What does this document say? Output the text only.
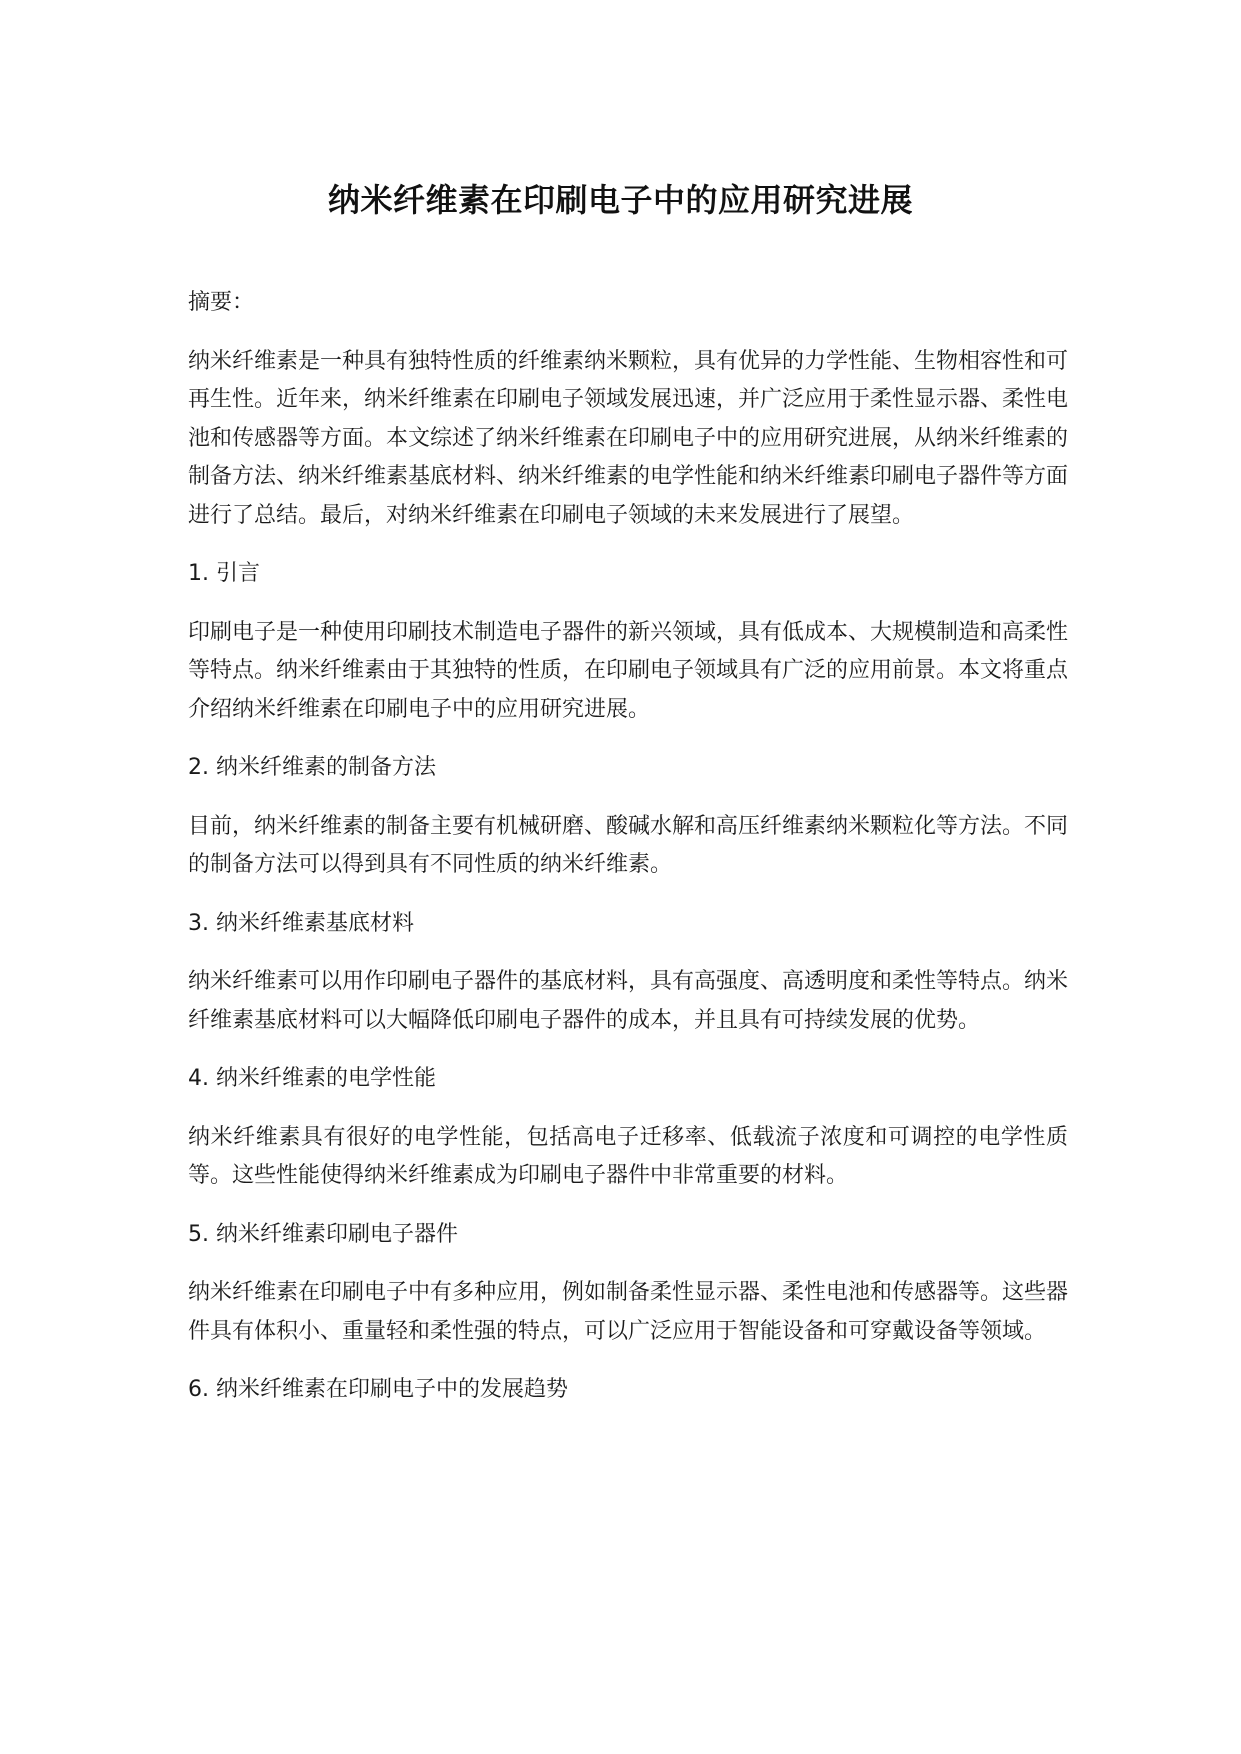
纳米纤维素在印刷电子中的应用研究进展

摘要：

纳米纤维素是一种具有独特性质的纤维素纳米颗粒，具有优异的力学性能、生物相容性和可再生性。近年来，纳米纤维素在印刷电子领域发展迅速，并广泛应用于柔性显示器、柔性电池和传感器等方面。本文综述了纳米纤维素在印刷电子中的应用研究进展，从纳米纤维素的制备方法、纳米纤维素基底材料、纳米纤维素的电学性能和纳米纤维素印刷电子器件等方面进行了总结。最后，对纳米纤维素在印刷电子领域的未来发展进行了展望。

1. 引言

印刷电子是一种使用印刷技术制造电子器件的新兴领域，具有低成本、大规模制造和高柔性等特点。纳米纤维素由于其独特的性质，在印刷电子领域具有广泛的应用前景。本文将重点介绍纳米纤维素在印刷电子中的应用研究进展。

2. 纳米纤维素的制备方法

目前，纳米纤维素的制备主要有机械研磨、酸碱水解和高压纤维素纳米颗粒化等方法。不同的制备方法可以得到具有不同性质的纳米纤维素。

3. 纳米纤维素基底材料

纳米纤维素可以用作印刷电子器件的基底材料，具有高强度、高透明度和柔性等特点。纳米纤维素基底材料可以大幅降低印刷电子器件的成本，并且具有可持续发展的优势。

4. 纳米纤维素的电学性能

纳米纤维素具有很好的电学性能，包括高电子迁移率、低载流子浓度和可调控的电学性质等。这些性能使得纳米纤维素成为印刷电子器件中非常重要的材料。

5. 纳米纤维素印刷电子器件

纳米纤维素在印刷电子中有多种应用，例如制备柔性显示器、柔性电池和传感器等。这些器件具有体积小、重量轻和柔性强的特点，可以广泛应用于智能设备和可穿戴设备等领域。

6. 纳米纤维素在印刷电子中的发展趋势
